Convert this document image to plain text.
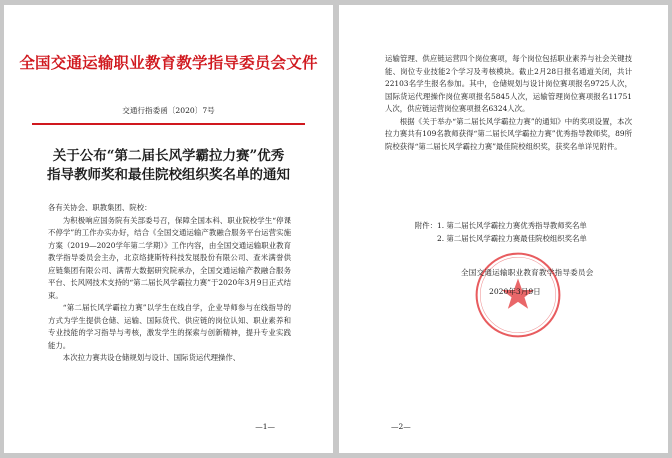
全国交通运输职业教育教学指导委员会文件
交通行指委函〔2020〕7号
关于公布“第二届长风学霸拉力赛”优秀
指导教师奖和最佳院校组织奖名单的通知

各有关协会、职教集团、院校：

为积极响应国务院有关部委号召，保障全国本科、职业院校学生“停课不停学”的工作办实办好，结合《全国交通运输产教融合服务平台运营实施方案（2019—2020学年第二学期）》工作内容，由全国交通运输职业教育教学指导委员会主办，北京络捷斯特科技发展股份有限公司、查米满誉供应链集团有限公司、满帮大数据研究院承办，全国交通运输产教融合服务平台、长风网技术支持的“第二届长风学霸拉力赛”于2020年3月9日正式结束。

“第二届长风学霸拉力赛”以学生在线自学，企业导师参与在线指导的方式为学生提供仓储、运输、国际货代、供应链的岗位认知、职业素养和专业技能的学习指导与考核，激发学生的探索与创新精神，提升专业实践能力。

本次拉力赛共设仓储规划与设计、国际货运代理操作、

—1—

运输管理、供应链运营四个岗位赛项，每个岗位包括职业素养与社会关键技能、岗位专业技能2个学习及考核模块。截止2月28日报名通道关闭，共计22103名学生报名参加。其中，仓储规划与设计岗位赛项报名9725人次，国际货运代理操作岗位赛项报名5845人次，运输管理岗位赛项报名11751人次，供应链运营岗位赛项报名6324人次。

根据《关于举办“第二届长风学霸拉力赛”的通知》中的奖项设置，本次拉力赛共有109名教师获得“第二届长风学霸拉力赛”优秀指导教师奖，89所院校获得“第二届长风学霸拉力赛”最佳院校组织奖，获奖名单详见附件。

附件：1. 第二届长风学霸拉力赛优秀指导教师奖名单

2. 第二届长风学霸拉力赛最佳院校组织奖名单

全国交通运输职业教育教学指导委员会
2020年3月9日
—2—
